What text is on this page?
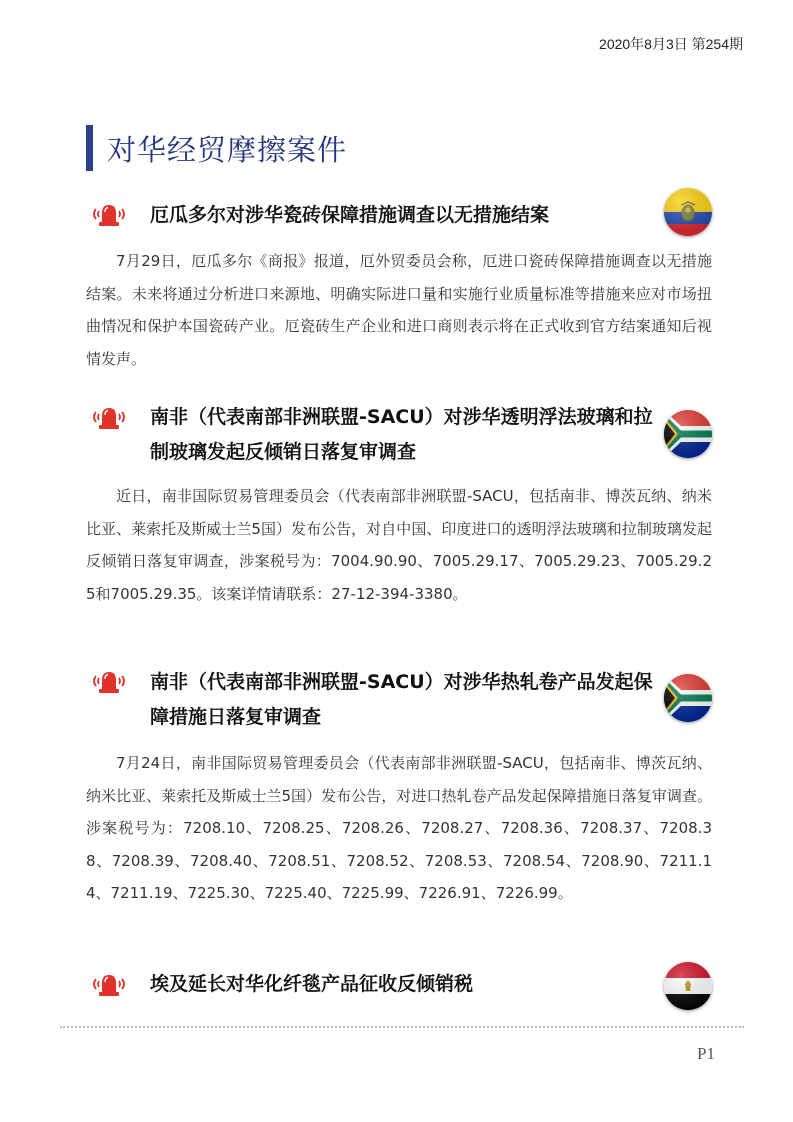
2020年8月3日 第254期
对华经贸摩擦案件
厄瓜多尔对涉华瓷砖保障措施调查以无措施结案
7月29日，厄瓜多尔《商报》报道，厄外贸委员会称，厄进口瓷砖保障措施调查以无措施结案。未来将通过分析进口来源地、明确实际进口量和实施行业质量标准等措施来应对市场扭曲情况和保护本国瓷砖产业。厄瓷砖生产企业和进口商则表示将在正式收到官方结案通知后视情发声。
南非（代表南部非洲联盟-SACU）对涉华透明浮法玻璃和拉制玻璃发起反倾销日落复审调查
近日，南非国际贸易管理委员会（代表南部非洲联盟-SACU，包括南非、博茨瓦纳、纳米比亚、莱索托及斯威士兰5国）发布公告，对自中国、印度进口的透明浮法玻璃和拉制玻璃发起反倾销日落复审调查，涉案税号为：7004.90.90、7005.29.17、7005.29.23、7005.29.25和7005.29.35。该案详情请联系：27-12-394-3380。
南非（代表南部非洲联盟-SACU）对涉华热轧卷产品发起保障措施日落复审调查
7月24日，南非国际贸易管理委员会（代表南部非洲联盟-SACU，包括南非、博茨瓦纳、纳米比亚、莱索托及斯威士兰5国）发布公告，对进口热轧卷产品发起保障措施日落复审调查。涉案税号为：7208.10、7208.25、7208.26、7208.27、7208.36、7208.37、7208.38、7208.39、7208.40、7208.51、7208.52、7208.53、7208.54、7208.90、7211.14、7211.19、7225.30、7225.40、7225.99、7226.91、7226.99。
埃及延长对华化纤毯产品征收反倾销税
P1
